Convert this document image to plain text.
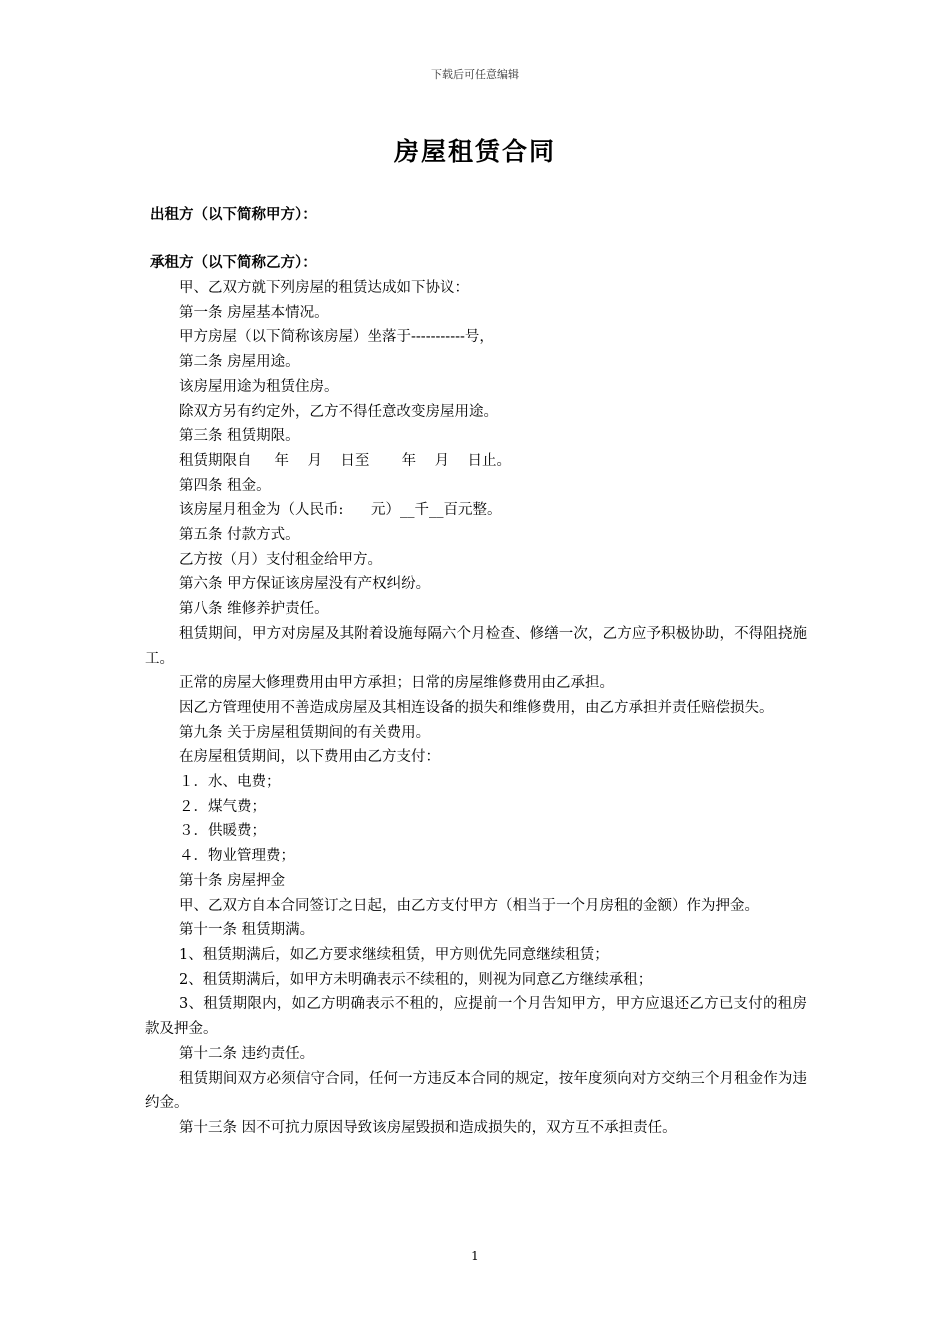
下载后可任意编辑
房屋租赁合同
出租方（以下简称甲方）：
承租方（以下简称乙方）：

甲、乙双方就下列房屋的租赁达成如下协议：

第一条 房屋基本情况。

甲方房屋（以下简称该房屋）坐落于-----------号，

第二条 房屋用途。

该房屋用途为租赁住房。

除双方另有约定外，乙方不得任意改变房屋用途。

第三条 租赁期限。

租赁期限自     年    月    日至       年    月    日止。

第四条 租金。

该房屋月租金为（人民币:      元）__千__百元整。

第五条 付款方式。

乙方按（月）支付租金给甲方。

第六条 甲方保证该房屋没有产权纠纷。

第八条 维修养护责任。

租赁期间，甲方对房屋及其附着设施每隔六个月检查、修缮一次，乙方应予积极协助，不得阻挠施工。

正常的房屋大修理费用由甲方承担；日常的房屋维修费用由乙承担。

因乙方管理使用不善造成房屋及其相连设备的损失和维修费用，由乙方承担并责任赔偿损失。

第九条 关于房屋租赁期间的有关费用。

在房屋租赁期间，以下费用由乙方支付：

１．水、电费；

２．煤气费；

３．供暖费；

４．物业管理费；

第十条 房屋押金

甲、乙双方自本合同签订之日起，由乙方支付甲方（相当于一个月房租的金额）作为押金。

第十一条 租赁期满。

1、租赁期满后，如乙方要求继续租赁，甲方则优先同意继续租赁；

2、租赁期满后，如甲方未明确表示不续租的，则视为同意乙方继续承租；

3、租赁期限内，如乙方明确表示不租的，应提前一个月告知甲方，甲方应退还乙方已支付的租房款及押金。

第十二条 违约责任。

租赁期间双方必须信守合同，任何一方违反本合同的规定，按年度须向对方交纳三个月租金作为违约金。

第十三条 因不可抗力原因导致该房屋毁损和造成损失的，双方互不承担责任。

1
